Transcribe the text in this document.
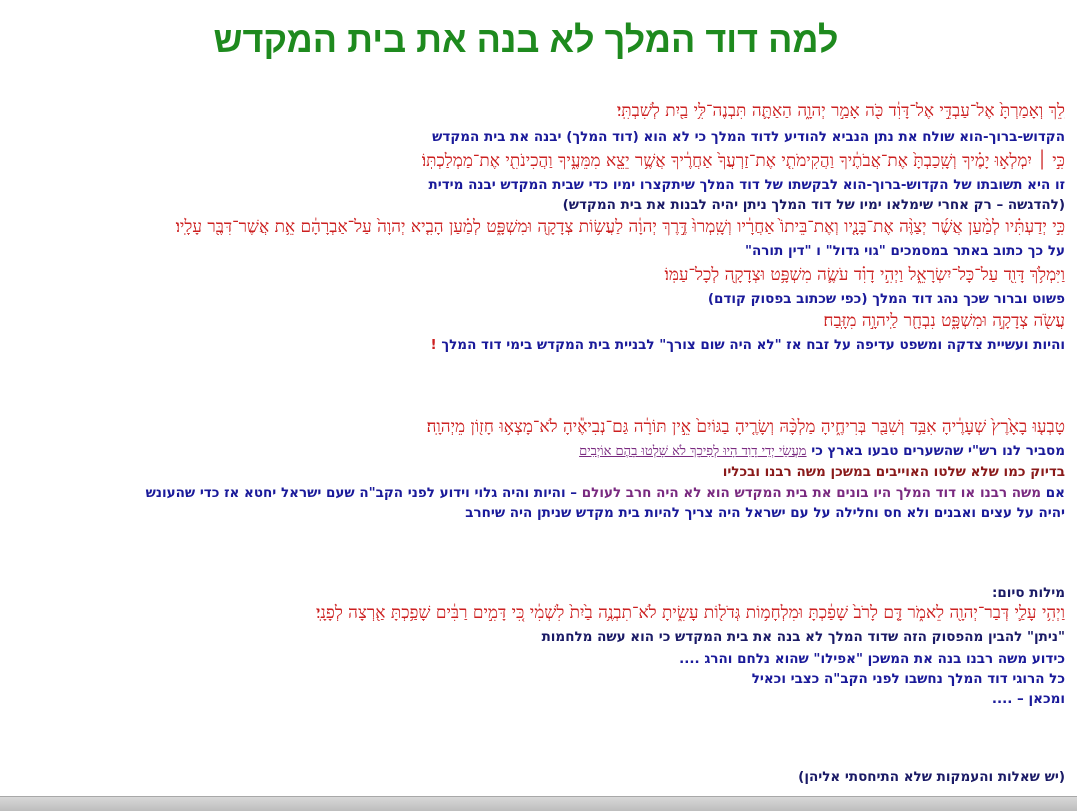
למה דוד המלך לא בנה את בית המקדש
לֵ֚ךְ וְאָמַרְתָּ֙ אֶל־עַבְדִּ֣י אֶל־דָּוִ֔ד כֹּ֖ה אָמַ֣ר יְהוָ֑ה הַאַתָּ֛ה תִּבְנֶה־לִּ֥י בַ֖יִת לְשִׁבְתִּֽי׃
הקדוש-ברוך-הוא שולח את נתן הנביא להודיע לדוד המלך כי לא הוא (דוד המלך) יבנה את בית המקדש
כִּ֣י ׀ יִמְלְא֣וּ יָמֶ֗יךָ וְשָֽׁכַבְתָּ֙ אֶת־אֲבֹתֶ֔יךָ וַהֲקִימֹתִ֤י אֶת־זַרְעֲךָ֙ אַחֲרֶ֔יךָ אֲשֶׁ֥ר יֵצֵ֖א מִמֵּעֶ֑יךָ וַהֲכִינֹתִ֖י אֶת־מַמְלַכְתּֽוֹ׃
זו היא תשובתו של הקדוש-ברוך-הוא לבקשתו של דוד המלך שיתקצרו ימיו כדי שבית המקדש יבנה מידית
(להדגשה – רק אחרי שימלאו ימיו של דוד המלך ניתן יהיה לבנות את בית המקדש)
כִּ֣י יְדַעְתִּ֗יו לְמַ֨עַן אֲשֶׁ֜ר יְצַוֶּ֨ה אֶת־בָּנָ֤יו וְאֶת־בֵּיתוֹ֙ אַחֲרָ֔יו וְשָֽׁמְרוּ֙ דֶּ֣רֶךְ יְהוָ֔ה לַעֲשׂ֥וֹת צְדָקָ֖ה וּמִשְׁפָּ֑ט לְמַ֗עַן הָבִ֤יא יְהוָה֙ עַל־אַבְרָהָ֔ם אֵ֥ת אֲשֶׁר־דִּבֶּ֖ר עָלָֽיו׃
על כך כתוב באתר במסמכים "גוי גדול" ו "דין תורה"
וַיִּמְלֹ֥ךְ דָּוִ֖ד עַל־כָּל־יִשְׂרָאֵ֑ל וַיְהִ֣י דָוִ֗ד עֹשֶׂ֛ה מִשְׁפָּ֥ט וּצְדָקָ֖ה לְכָל־עַמּֽוֹ׃
פשוט וברור שכך נהג דוד המלך (כפי שכתוב בפסוק קודם)
עֲשֹׂ֖ה צְדָקָ֣ה וּמִשְׁפָּ֑ט נִבְחָ֖ר לַֽיהוָ֣ה מִזָּֽבַח׃
והיות ועשיית צדקה ומשפט עדיפה על זבח אז "לא היה שום צורך" לבניית בית המקדש בימי דוד המלך !
טָבְע֤וּ בָאָ֙רֶץ֙ שְׁעָרֶ֔יהָ אִבַּ֥ד וְשִׁבַּ֖ר בְּרִיחֶ֑יהָ מַלְכָּ֨הּ וְשָׂרֶ֤יהָ בַגּוֹיִם֙ אֵ֣ין תּוֹרָ֔ה גַּם־נְבִיאֶ֕יהָ לֹא־מָצְא֥וּ חָז֖וֹן מֵיְהוָֽה׃
מסביר לנו רש"י שהשערים טבעו בארץ כי מַעֲשֵׂי יְדֵי דָוִד הָיוּ לְפִיכָךְ לֹא שָׁלְטוּ בָהֶם אוֹיְבִים
בדיוק כמו שלא שלטו האוייבים במשכן משה רבנו ובכליו
אם משה רבנו או דוד המלך היו בונים את בית המקדש הוא לא היה חרב לעולם – והיות והיה גלוי וידוע לפני הקב"ה שעם ישראל יחטא אז כדי שהעונש
יהיה על עצים ואבנים ולא חס וחלילה על עם ישראל היה צריך להיות בית מקדש שניתן היה שיחרב
מילות סיום:
וַיְהִ֥י עָלַ֛י דְּבַר־יְהוָ֖ה לֵאמֹ֑ר דָּ֤ם לָרֹב֙ שָׁפַ֔כְתָּ וּמִלְחָמ֥וֹת גְּדֹל֖וֹת עָשִׂ֑יתָ לֹא־תִבְנֶ֥ה בַ֙יִת֙ לִשְׁמִ֔י כִּ֚י דָּמִ֣ים רַבִּ֔ים שָׁפַ֥כְתָּ אַ֖רְצָה לְפָנָֽי׃
"ניתן" להבין מהפסוק הזה שדוד המלך לא בנה את בית המקדש כי הוא עשה מלחמות
כידוע משה רבנו בנה את המשכן "אפילו" שהוא נלחם והרג ....
כל הרוגי דוד המלך נחשבו לפני הקב"ה כצבי וכאיל
ומכאן – ....
(יש שאלות והעמקות שלא התיחסתי אליהן)
